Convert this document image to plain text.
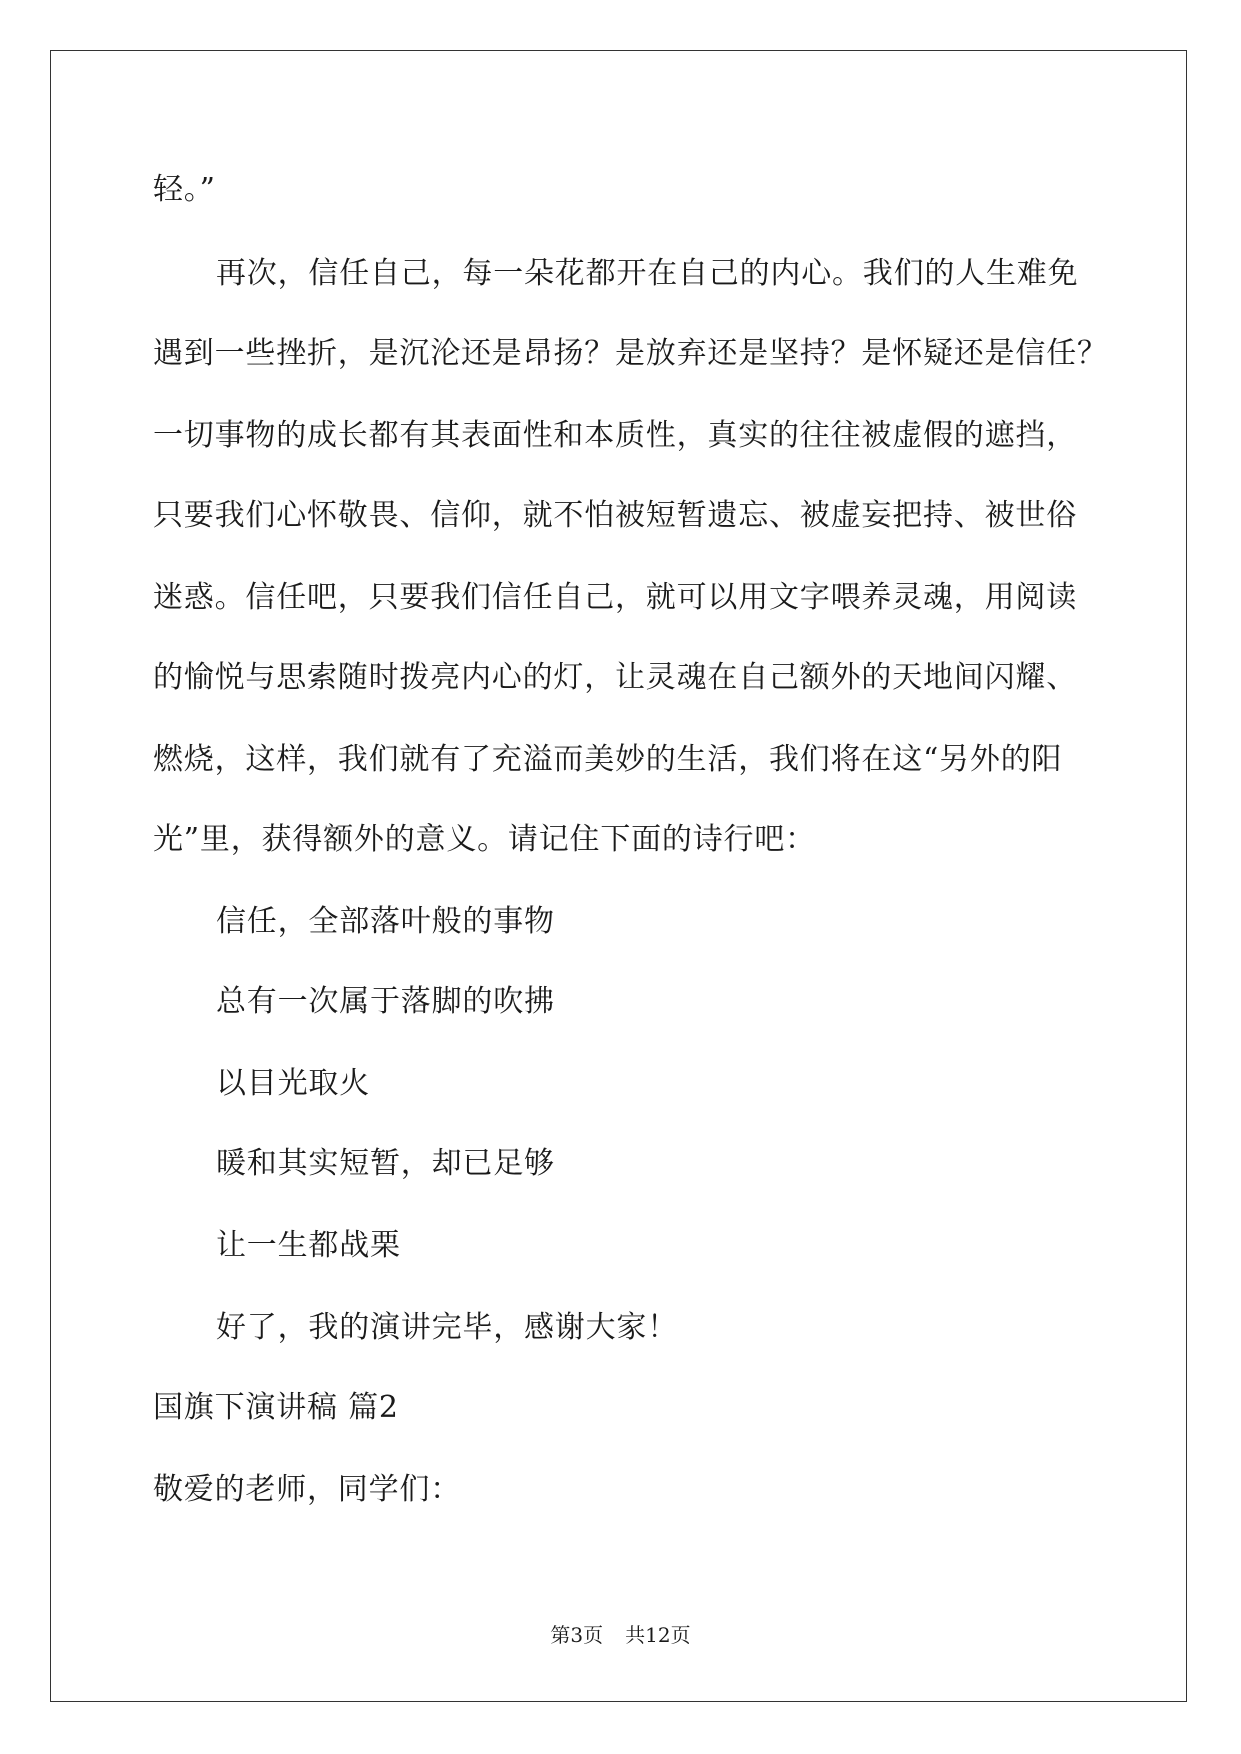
轻。”
再次，信任自己，每一朵花都开在自己的内心。我们的人生难免
遇到一些挫折，是沉沦还是昂扬？是放弃还是坚持？是怀疑还是信任？
一切事物的成长都有其表面性和本质性，真实的往往被虚假的遮挡，
只要我们心怀敬畏、信仰，就不怕被短暂遗忘、被虚妄把持、被世俗
迷惑。信任吧，只要我们信任自己，就可以用文字喂养灵魂，用阅读
的愉悦与思索随时拨亮内心的灯，让灵魂在自己额外的天地间闪耀、
燃烧，这样，我们就有了充溢而美妙的生活，我们将在这“另外的阳
光”里，获得额外的意义。请记住下面的诗行吧：
信任，全部落叶般的事物
总有一次属于落脚的吹拂
以目光取火
暖和其实短暂，却已足够
让一生都战栗
好了，我的演讲完毕，感谢大家！
国旗下演讲稿 篇2
敬爱的老师，同学们：
第3页 共12页
